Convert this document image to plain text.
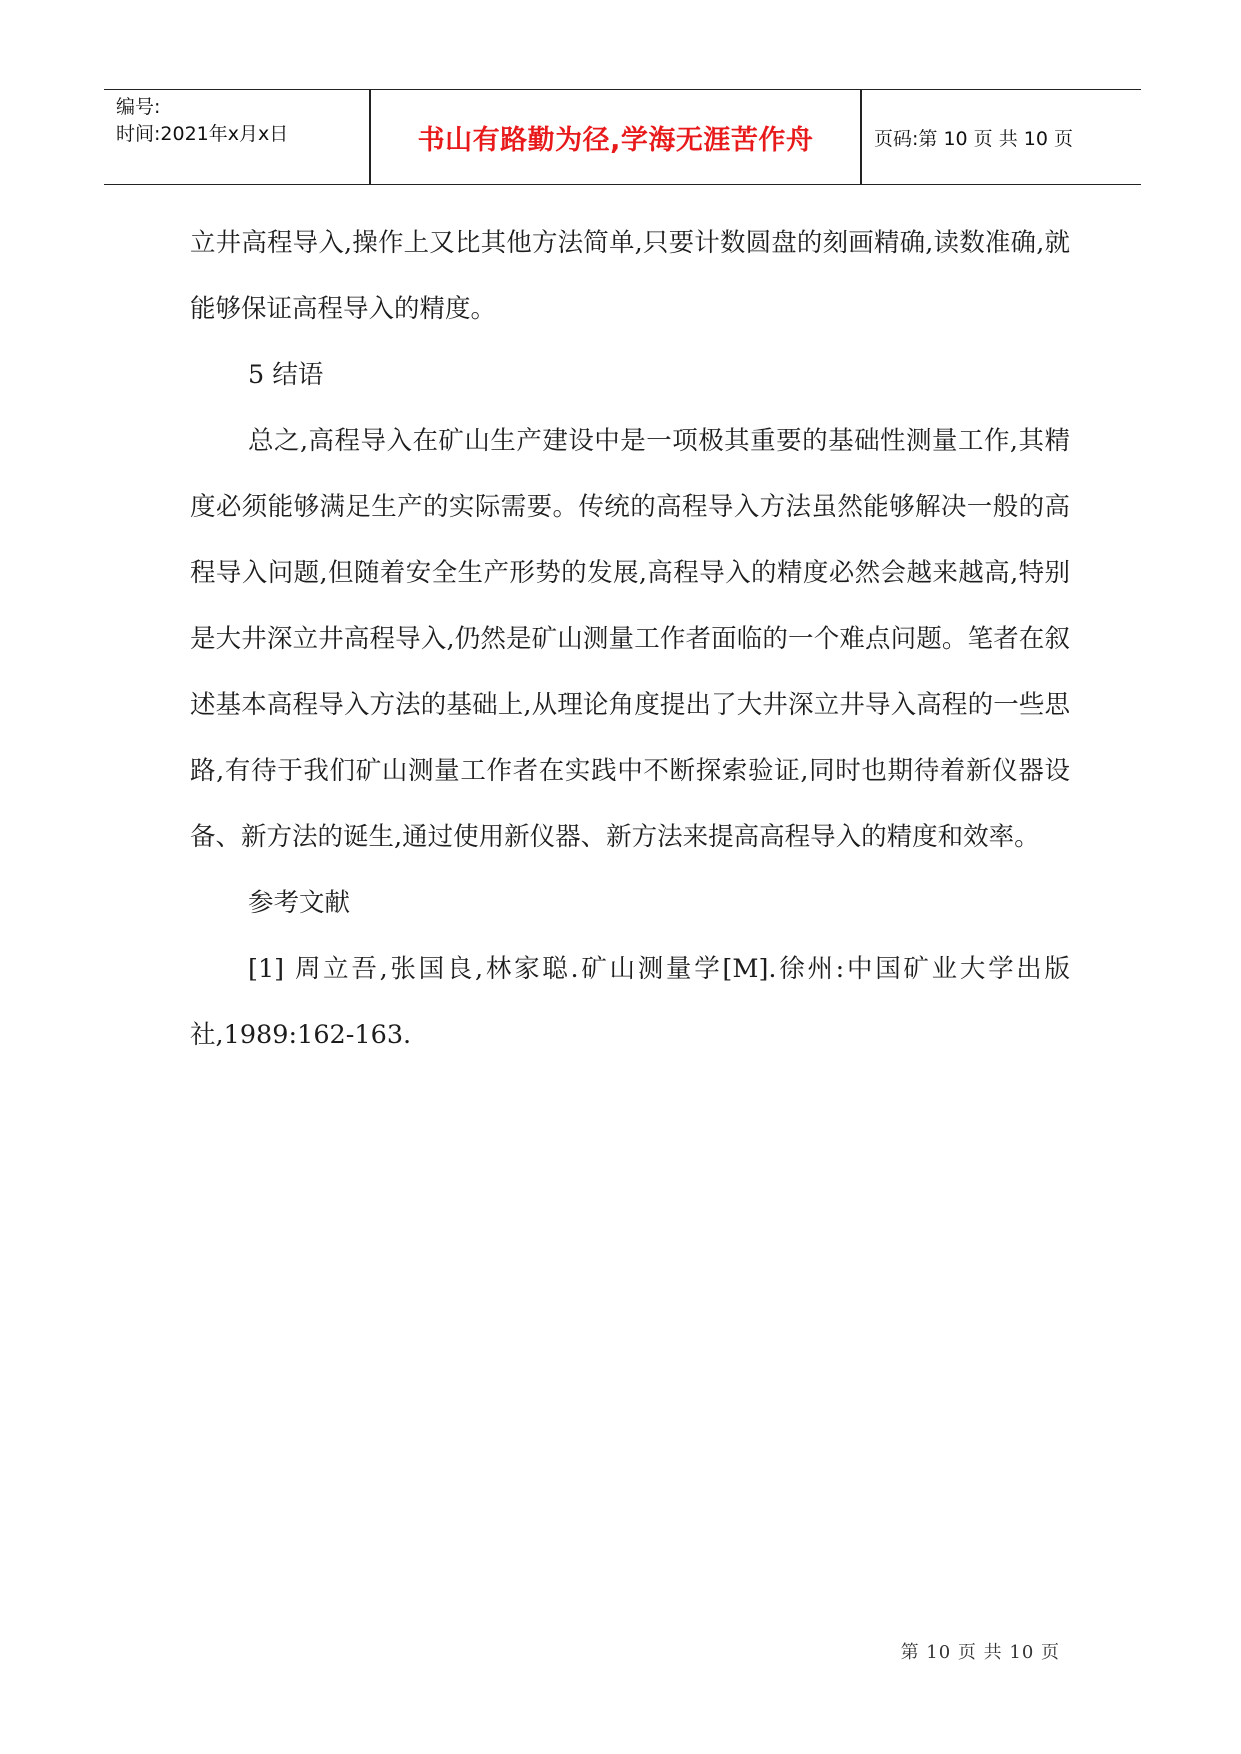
编号:
时间:2021年x月x日	书山有路勤为径,学海无涯苦作舟	页码:第 10 页 共 10 页

立井高程导入,操作上又比其他方法简单,只要计数圆盘的刻画精确,读数准确,就能够保证高程导入的精度。

5 结语

总之,高程导入在矿山生产建设中是一项极其重要的基础性测量工作,其精度必须能够满足生产的实际需要。传统的高程导入方法虽然能够解决一般的高程导入问题,但随着安全生产形势的发展,高程导入的精度必然会越来越高,特别是大井深立井高程导入,仍然是矿山测量工作者面临的一个难点问题。笔者在叙述基本高程导入方法的基础上,从理论角度提出了大井深立井导入高程的一些思路,有待于我们矿山测量工作者在实践中不断探索验证,同时也期待着新仪器设备、新方法的诞生,通过使用新仪器、新方法来提高高程导入的精度和效率。

参考文献

[1] 周立吾,张国良,林家聪.矿山测量学[M].徐州:中国矿业大学出版社,1989:162-163.

第 10 页 共 10 页
